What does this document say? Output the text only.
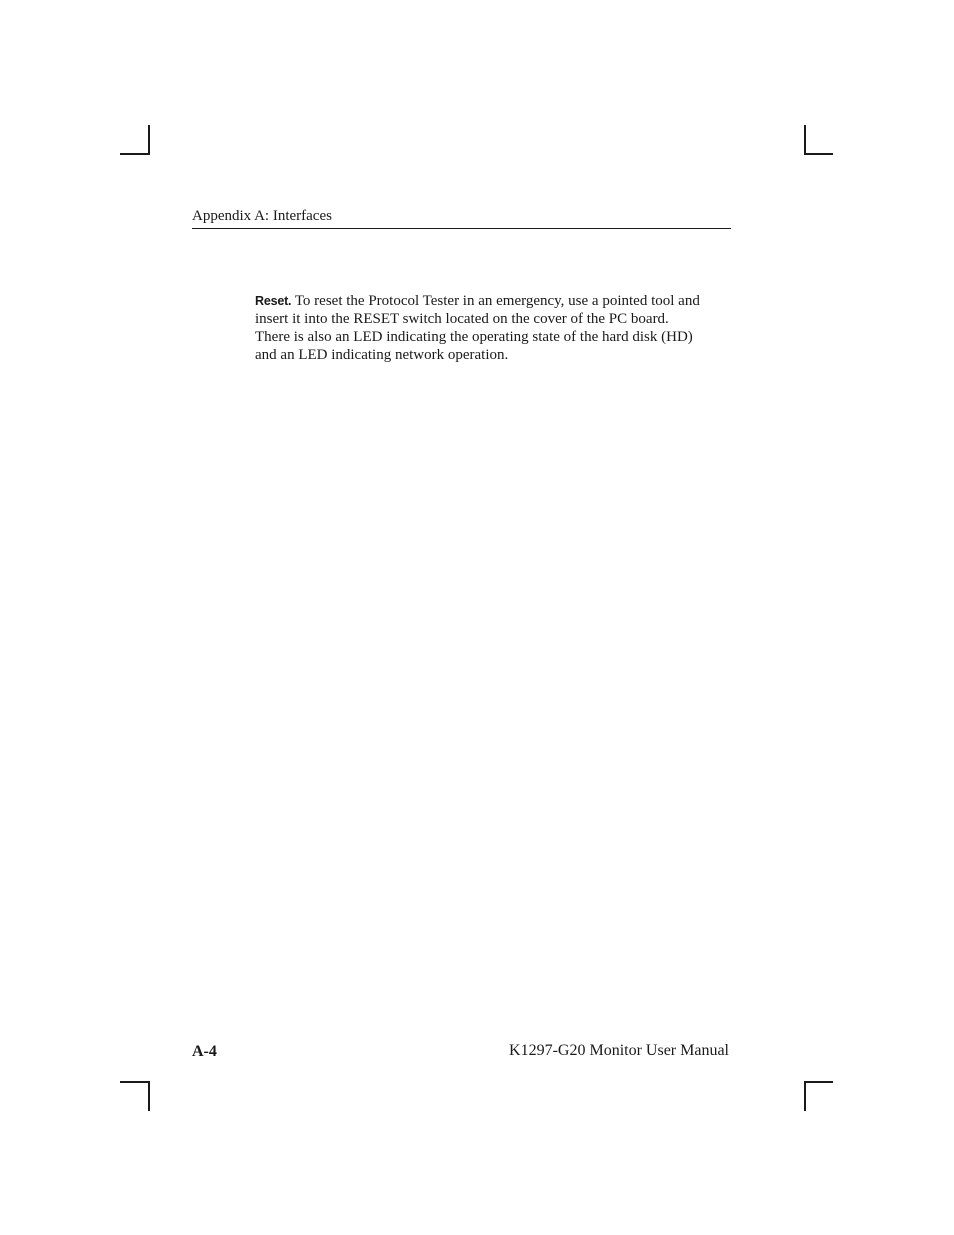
Appendix A: Interfaces

Reset. To reset the Protocol Tester in an emergency, use a pointed tool and
insert it into the RESET switch located on the cover of the PC board.
There is also an LED indicating the operating state of the hard disk (HD)
and an LED indicating network operation.

A-4	K1297-G20 Monitor User Manual
